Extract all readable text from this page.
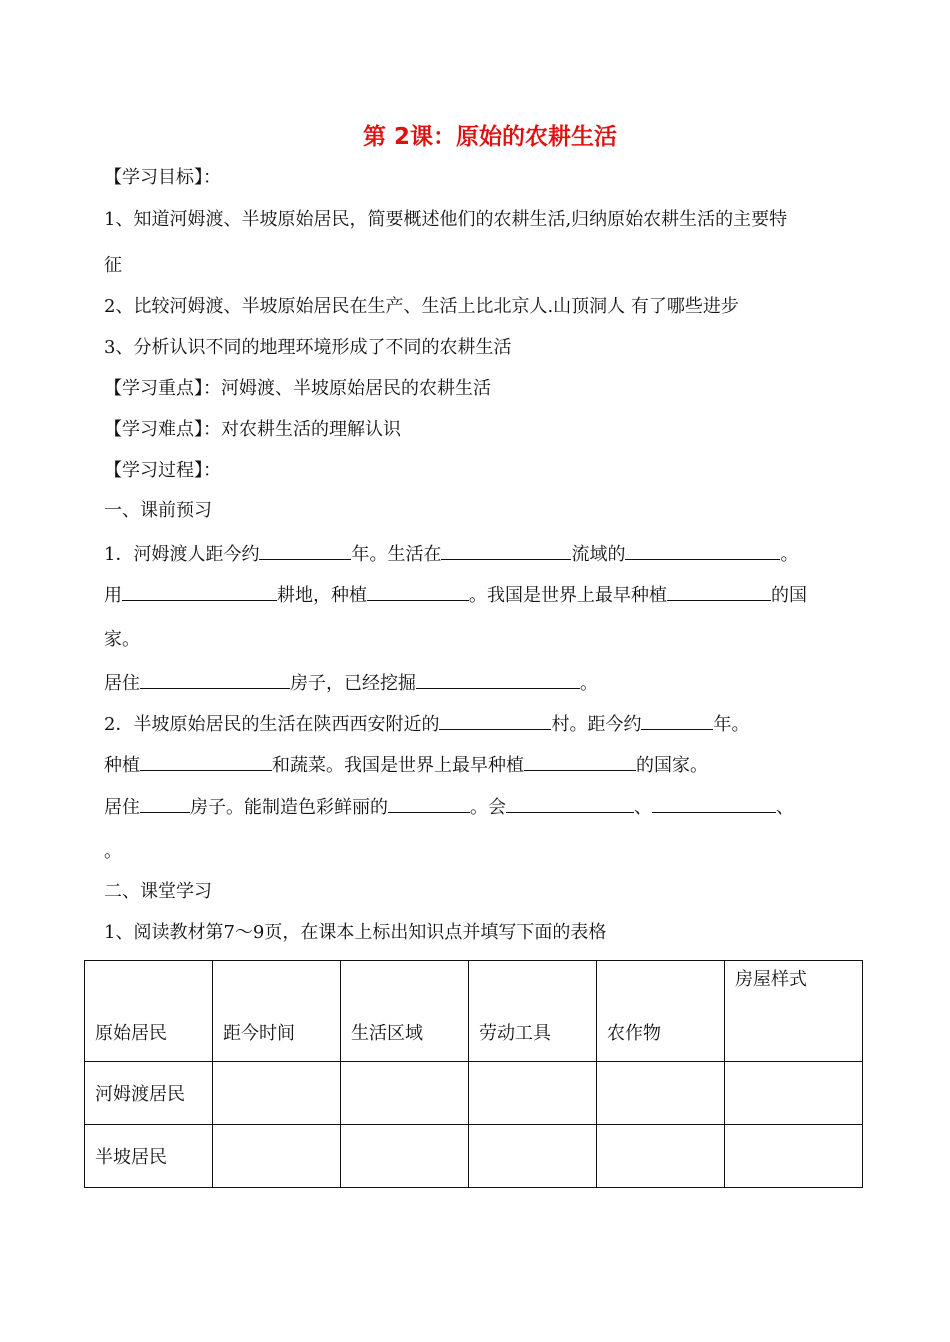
第 2课：原始的农耕生活
【学习目标】：
1、知道河姆渡、半坡原始居民，简要概述他们的农耕生活,归纳原始农耕生活的主要特
征
2、比较河姆渡、半坡原始居民在生产、生活上比北京人.山顶洞人 有了哪些进步
3、分析认识不同的地理环境形成了不同的农耕生活
【学习重点】：河姆渡、半坡原始居民的农耕生活
【学习难点】：对农耕生活的理解认识
【学习过程】：
一、课前预习
1．河姆渡人距今约	年。生活在	流域的	。
用	耕地，种植	。我国是世界上最早种植	的国
家。
居住	房子，已经挖掘	。
2．半坡原始居民的生活在陕西西安附近的	村。距今约	年。
种植	和蔬菜。我国是世界上最早种植	的国家。
居住	房子。能制造色彩鲜丽的	。会	、	、
。
二、课堂学习
1、阅读教材第7～9页，在课本上标出知识点并填写下面的表格
原始居民	距今时间	生活区域	劳动工具	农作物	房屋样式
河姆渡居民					
半坡居民					
